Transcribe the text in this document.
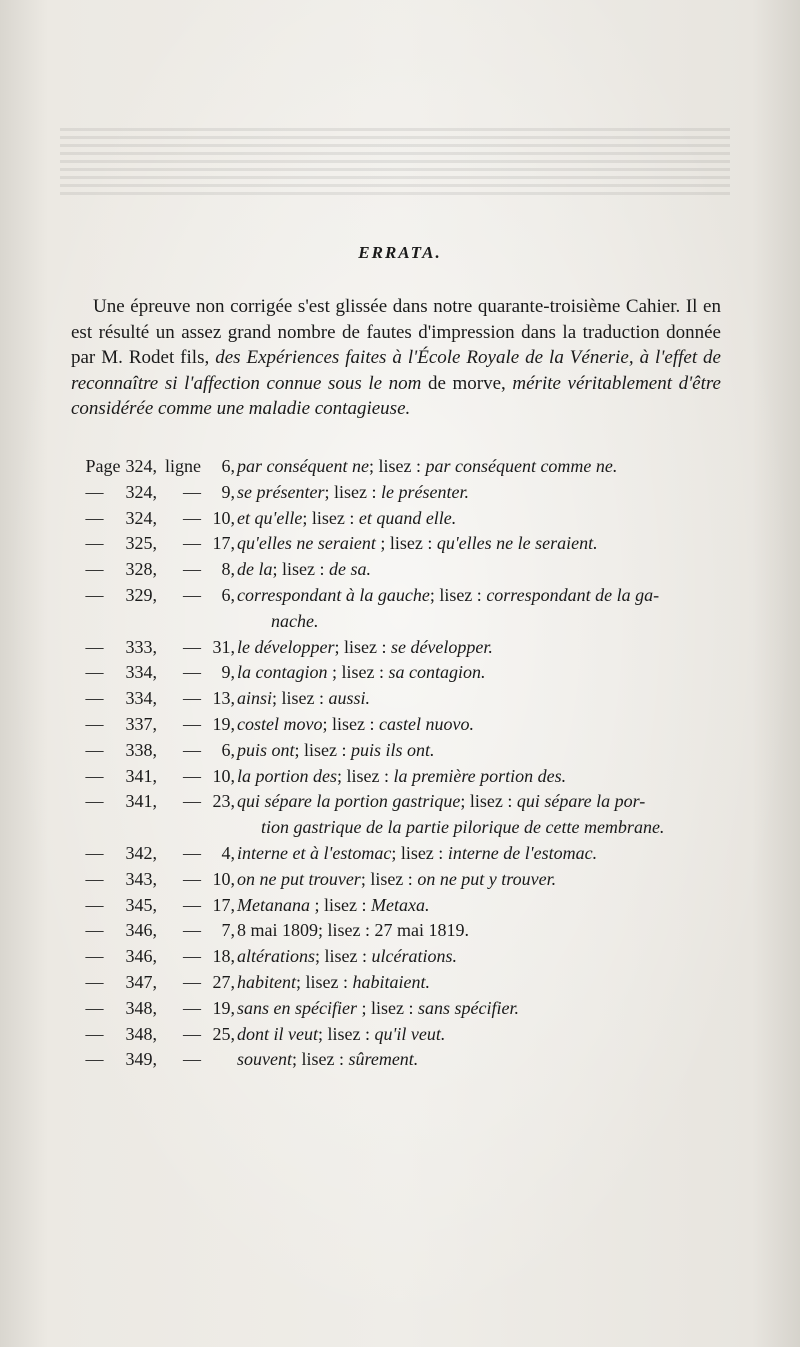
ERRATA.

Une épreuve non corrigée s'est glissée dans notre quarante-troisième Cahier. Il en est résulté un assez grand nombre de fautes d'impression dans la traduction donnée par M. Rodet fils, des Expériences faites à l'École Royale de la Vénerie, à l'effet de reconnaître si l'affection connue sous le nom de morve, mérite véritablement d'être considérée comme une maladie contagieuse.

Page 324, ligne	6, par conséquent ne; lisez : par conséquent comme ne.
— 324,	—	9, se présenter; lisez : le présenter.
— 324,	— 10, et qu'elle; lisez : et quand elle.
— 325,	— 17, qu'elles ne seraient ; lisez : qu'elles ne le seraient.
— 328,	—	8, de la; lisez : de sa.
— 329,	—	6, correspondant à la gauche; lisez : correspondant de la ga-
nache.
— 333,	— 31, le développer; lisez : se développer.
— 334,	—	9, la contagion ; lisez : sa contagion.
— 334,	— 13, ainsi; lisez : aussi.
— 337,	— 19, costel movo; lisez : castel nuovo.
— 338,	—	6, puis ont; lisez : puis ils ont.
— 341,	— 10, la portion des; lisez : la première portion des.
— 341,	— 23, qui sépare la portion gastrique; lisez : qui sépare la por-
tion gastrique de la partie pilorique de cette membrane.
— 342,	—	4, interne et à l'estomac; lisez : interne de l'estomac.
— 343,	— 10, on ne put trouver; lisez : on ne put y trouver.
— 345,	— 17, Metanana ; lisez : Metaxa.
— 346,	—	7, 8 mai 1809; lisez : 27 mai 1819.
— 346,	— 18, altérations; lisez : ulcérations.
— 347,	— 27, habitent; lisez : habitaient.
— 348,	— 19, sans en spécifier ; lisez : sans spécifier.
— 348,	— 25, dont il veut; lisez : qu'il veut.
— 349,	—	souvent; lisez : sûrement.
